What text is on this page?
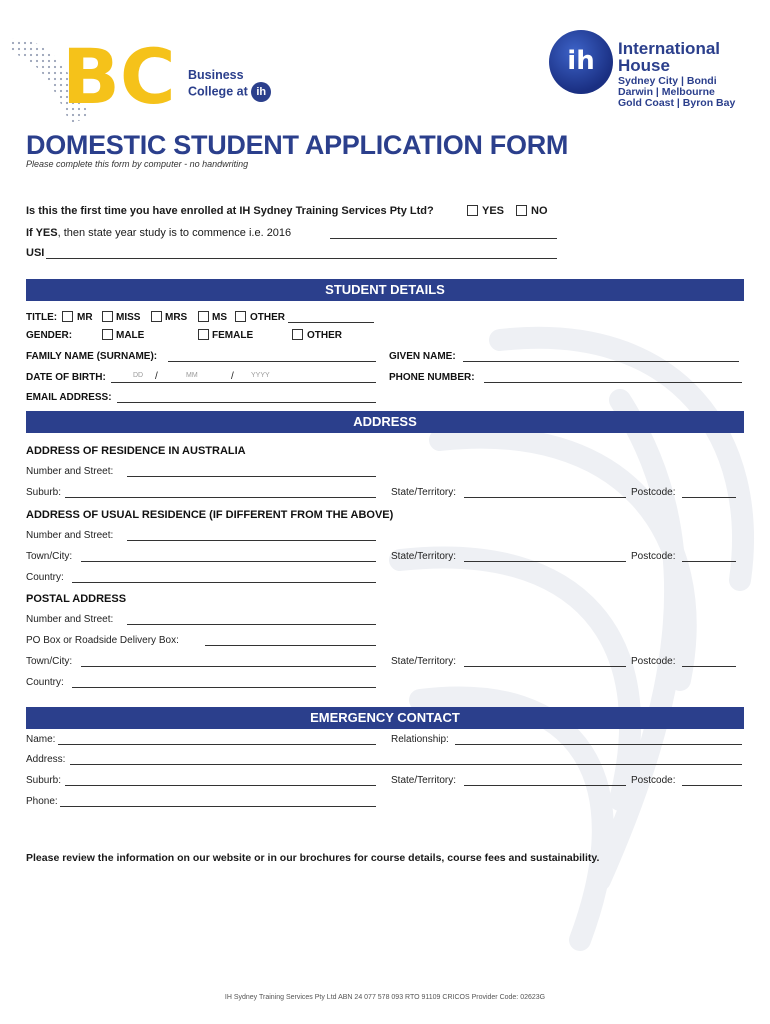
BC Business
College at ih
ih	International
House
Sydney City | Bondi
Darwin | Melbourne
Gold Coast | Byron Bay
DOMESTIC STUDENT APPLICATION FORM
Please complete this form by computer - no handwriting
Is this the first time you have enrolled at IH Sydney Training Services Pty Ltd?	YES NO
If YES, then state year study is to commence i.e. 2016
USI
STUDENT DETAILS
TITLE: MR MISS MRS MS OTHER
GENDER:	MALE	FEMALE	OTHER
FAMILY NAME (SURNAME):	GIVEN NAME:
DATE OF BIRTH:	DD /	MM	/ YYYY	PHONE NUMBER:
EMAIL ADDRESS:
ADDRESS
ADDRESS OF RESIDENCE IN AUSTRALIA
Number and Street:
Suburb:	State/Territory:	Postcode:
ADDRESS OF USUAL RESIDENCE (IF DIFFERENT FROM THE ABOVE)
Number and Street:
Town/City:	State/Territory:	Postcode:
Country:
POSTAL ADDRESS
Number and Street:
PO Box or Roadside Delivery Box:
Town/City:	State/Territory:	Postcode:
Country:
EMERGENCY CONTACT
Name:	Relationship:
Address:
Suburb:	State/Territory:	Postcode:
Phone:
Please review the information on our website or in our brochures for course details, course fees and sustainability.
IH Sydney Training Services Pty Ltd ABN 24 077 578 093 RTO 91109 CRICOS Provider Code: 02623G
